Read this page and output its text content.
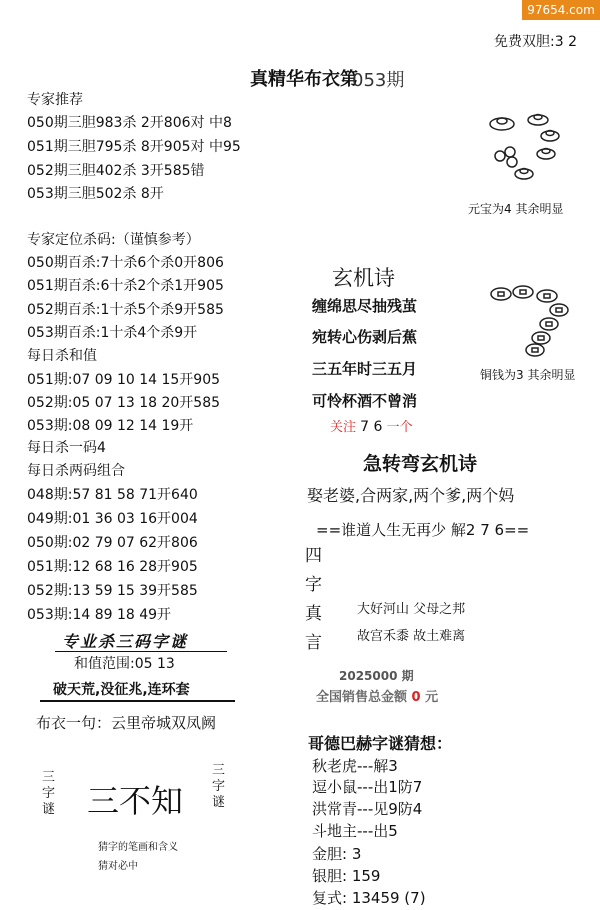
97654.com
免费双胆:3 2
真精华布衣第
053期
专家推荐
050期三胆983杀 2开806对 中8
051期三胆795杀 8开905对 中95
052期三胆402杀 3开585错
053期三胆502杀 8开
专家定位杀码:（谨慎参考）
050期百杀:7十杀6个杀0开806
051期百杀:6十杀2个杀1开905
052期百杀:1十杀5个杀9开585
053期百杀:1十杀4个杀9开
每日杀和值
051期:07 09 10 14 15开905
052期:05 07 13 18 20开585
053期:08 09 12 14 19开
每日杀一码4
每日杀两码组合
048期:57 81 58 71开640
049期:01 36 03 16开004
050期:02 79 07 62开806
051期:12 68 16 28开905
052期:13 59 15 39开585
053期:14 89 18 49开
专业杀三码字谜
和值范围:05 13
破天荒,没征兆,连环套
布衣一句：云里帝城双凤阙
三
字
谜 三不知
三
字
谜
猜字的笔画和含义
猜对必中
元宝为4 其余明显
铜钱为3 其余明显
玄机诗
缠绵思尽抽残茧
宛转心伤剥后蕉
三五年时三五月
可怜杯酒不曾消
关注 7 6 一个
急转弯玄机诗
娶老婆,合两家,两个爹,两个妈
==谁道人生无再少 解2 7 6==
四
字
真
言
大好河山 父母之邦
故宫禾黍 故土难离
2025000 期
全国销售总金额 0 元
哥德巴赫字谜猜想：
秋老虎---解3
逗小鼠---出1防7
洪常青---见9防4
斗地主---出5
金胆: 3
银胆: 159
复式: 13459 (7)
